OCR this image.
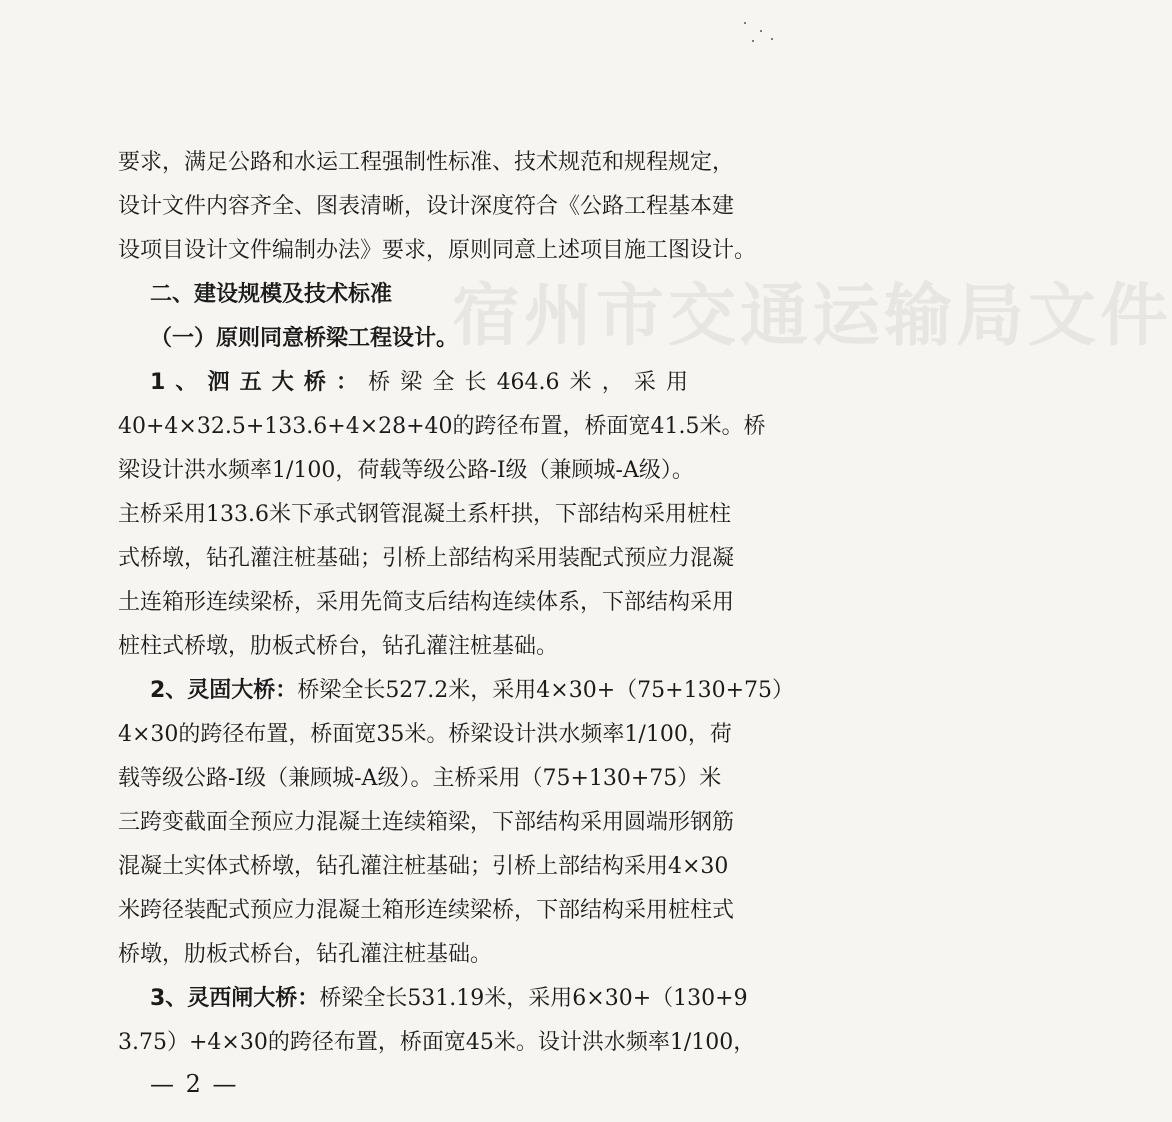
宿州市交通运输局文件
要求，满足公路和水运工程强制性标准、技术规范和规程规定，
设计文件内容齐全、图表清晰，设计深度符合《公路工程基本建
设项目设计文件编制办法》要求，原则同意上述项目施工图设计。
二、建设规模及技术标准
（一）原则同意桥梁工程设计。
1、泗五大桥：桥梁全长464.6米，采用
40+4×32.5+133.6+4×28+40的跨径布置，桥面宽41.5米。桥
梁设计洪水频率1/100，荷载等级公路-Ⅰ级（兼顾城-A级）。
主桥采用133.6米下承式钢管混凝土系杆拱，下部结构采用桩柱
式桥墩，钻孔灌注桩基础；引桥上部结构采用装配式预应力混凝
土连箱形连续梁桥，采用先简支后结构连续体系，下部结构采用
桩柱式桥墩，肋板式桥台，钻孔灌注桩基础。
2、灵固大桥：桥梁全长527.2米，采用4×30+（75+130+75）
4×30的跨径布置，桥面宽35米。桥梁设计洪水频率1/100，荷
载等级公路-Ⅰ级（兼顾城-A级）。主桥采用（75+130+75）米
三跨变截面全预应力混凝土连续箱梁，下部结构采用圆端形钢筋
混凝土实体式桥墩，钻孔灌注桩基础；引桥上部结构采用4×30
米跨径装配式预应力混凝土箱形连续梁桥，下部结构采用桩柱式
桥墩，肋板式桥台，钻孔灌注桩基础。
3、灵西闸大桥：桥梁全长531.19米，采用6×30+（130+9
3.75）+4×30的跨径布置，桥面宽45米。设计洪水频率1/100，
— 2 —
